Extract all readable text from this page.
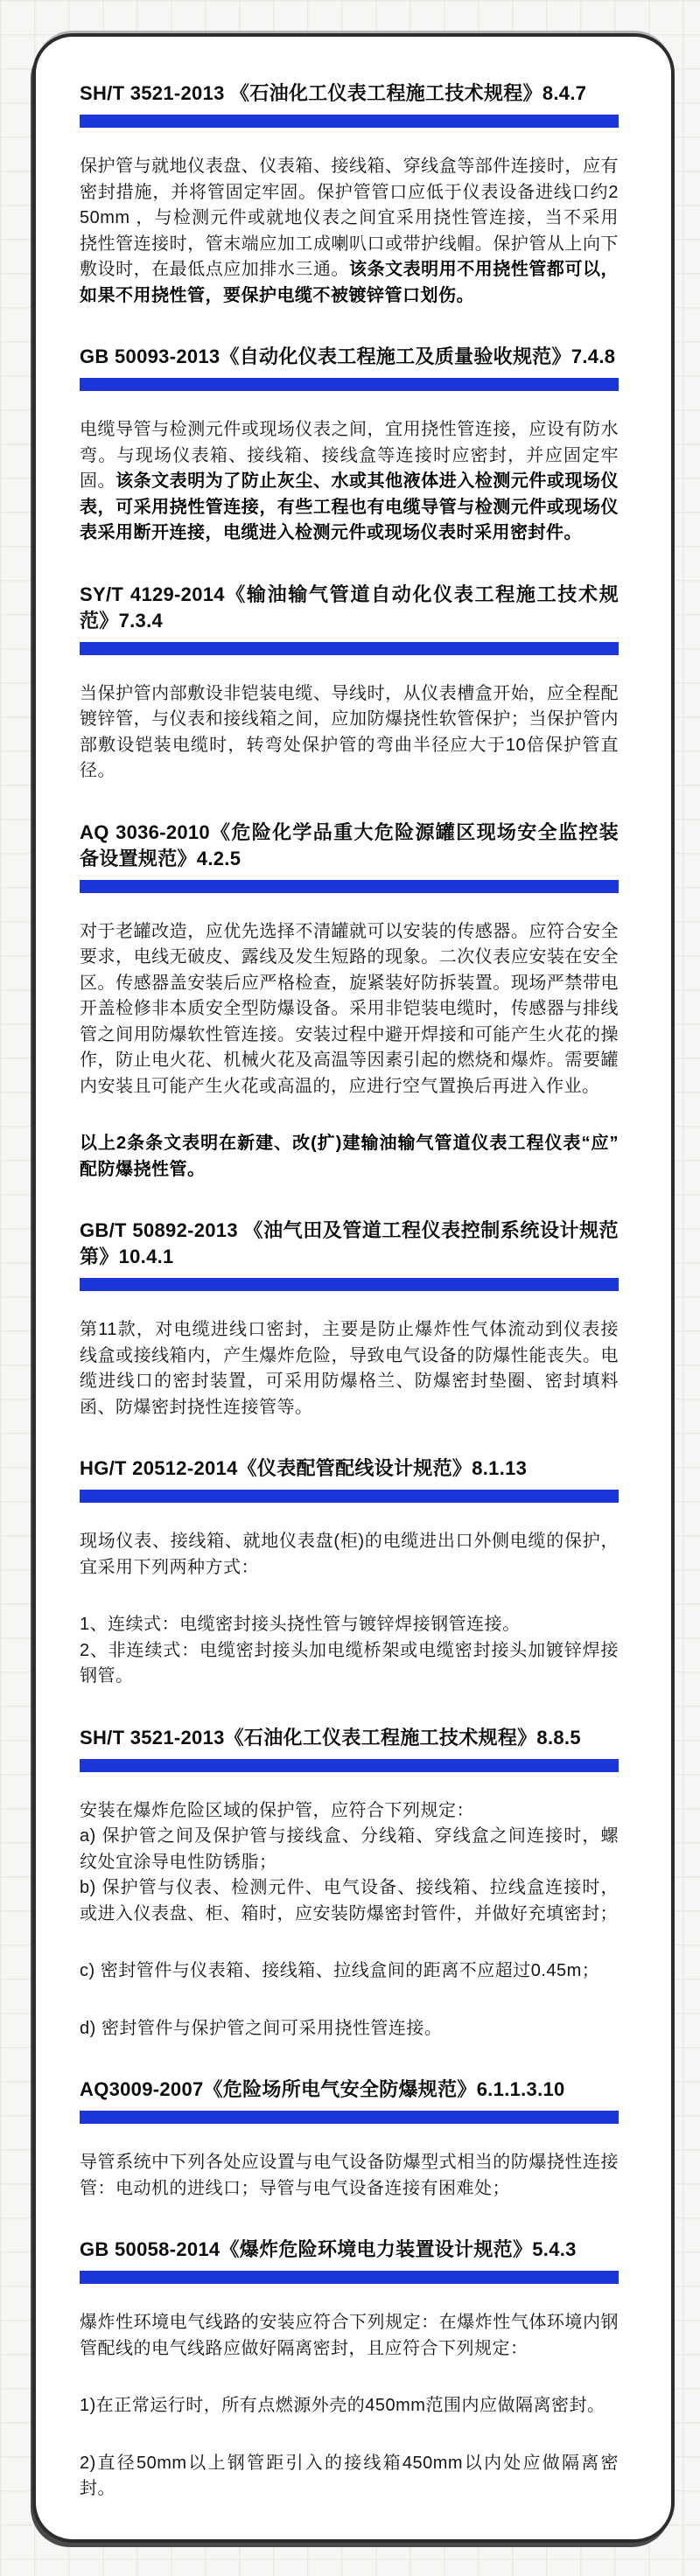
SH/T 3521-2013 《石油化工仪表工程施工技术规程》8.4.7

保护管与就地仪表盘、仪表箱、接线箱、穿线盒等部件连接时，应有密封措施，并将管固定牢固。保护管管口应低于仪表设备进线口约250mm ，与检测元件或就地仪表之间宜采用挠性管连接，当不采用挠性管连接时，管末端应加工成喇叭口或带护线帽。保护管从上向下敷设时，在最低点应加排水三通。该条文表明用不用挠性管都可以，如果不用挠性管，要保护电缆不被镀锌管口划伤。

GB 50093-2013《自动化仪表工程施工及质量验收规范》7.4.8

电缆导管与检测元件或现场仪表之间，宜用挠性管连接，应设有防水弯。与现场仪表箱、接线箱、接线盒等连接时应密封，并应固定牢固。该条文表明为了防止灰尘、水或其他液体进入检测元件或现场仪表，可采用挠性管连接，有些工程也有电缆导管与检测元件或现场仪表采用断开连接，电缆进入检测元件或现场仪表时采用密封件。

SY/T 4129-2014《输油输气管道自动化仪表工程施工技术规范》7.3.4

当保护管内部敷设非铠装电缆、导线时，从仪表槽盒开始，应全程配镀锌管，与仪表和接线箱之间，应加防爆挠性软管保护；当保护管内部敷设铠装电缆时，转弯处保护管的弯曲半径应大于10倍保护管直径。

AQ 3036-2010《危险化学品重大危险源罐区现场安全监控装备设置规范》4.2.5

对于老罐改造，应优先选择不清罐就可以安装的传感器。应符合安全要求，电线无破皮、露线及发生短路的现象。二次仪表应安装在安全区。传感器盖安装后应严格检查，旋紧装好防拆装置。现场严禁带电开盖检修非本质安全型防爆设备。采用非铠装电缆时，传感器与排线管之间用防爆软性管连接。安装过程中避开焊接和可能产生火花的操作，防止电火花、机械火花及高温等因素引起的燃烧和爆炸。需要罐内安装且可能产生火花或高温的，应进行空气置换后再进入作业。

以上2条条文表明在新建、改(扩)建输油输气管道仪表工程仪表“应”配防爆挠性管。

GB/T 50892-2013 《油气田及管道工程仪表控制系统设计规范第》10.4.1

第11款，对电缆进线口密封，主要是防止爆炸性气体流动到仪表接线盒或接线箱内，产生爆炸危险，导致电气设备的防爆性能丧失。电缆进线口的密封装置，可采用防爆格兰、防爆密封垫圈、密封填料函、防爆密封挠性连接管等。

HG/T 20512-2014《仪表配管配线设计规范》8.1.13

现场仪表、接线箱、就地仪表盘(柜)的电缆进出口外侧电缆的保护，宜采用下列两种方式：

1、连续式：电缆密封接头挠性管与镀锌焊接钢管连接。
2、非连续式：电缆密封接头加电缆桥架或电缆密封接头加镀锌焊接钢管。

SH/T 3521-2013《石油化工仪表工程施工技术规程》8.8.5

安装在爆炸危险区域的保护管，应符合下列规定：
a) 保护管之间及保护管与接线盒、分线箱、穿线盒之间连接时，螺纹处宜涂导电性防锈脂；
b) 保护管与仪表、检测元件、电气设备、接线箱、拉线盒连接时，或进入仪表盘、柜、箱时，应安装防爆密封管件，并做好充填密封；

c) 密封管件与仪表箱、接线箱、拉线盒间的距离不应超过0.45m；

d) 密封管件与保护管之间可采用挠性管连接。

AQ3009-2007《危险场所电气安全防爆规范》6.1.1.3.10

导管系统中下列各处应设置与电气设备防爆型式相当的防爆挠性连接管：电动机的进线口；导管与电气设备连接有困难处；

GB 50058-2014《爆炸危险环境电力装置设计规范》5.4.3

爆炸性环境电气线路的安装应符合下列规定：在爆炸性气体环境内钢管配线的电气线路应做好隔离密封，且应符合下列规定：

1)在正常运行时，所有点燃源外壳的450mm范围内应做隔离密封。

2)直径50mm以上钢管距引入的接线箱450mm以内处应做隔离密封。
